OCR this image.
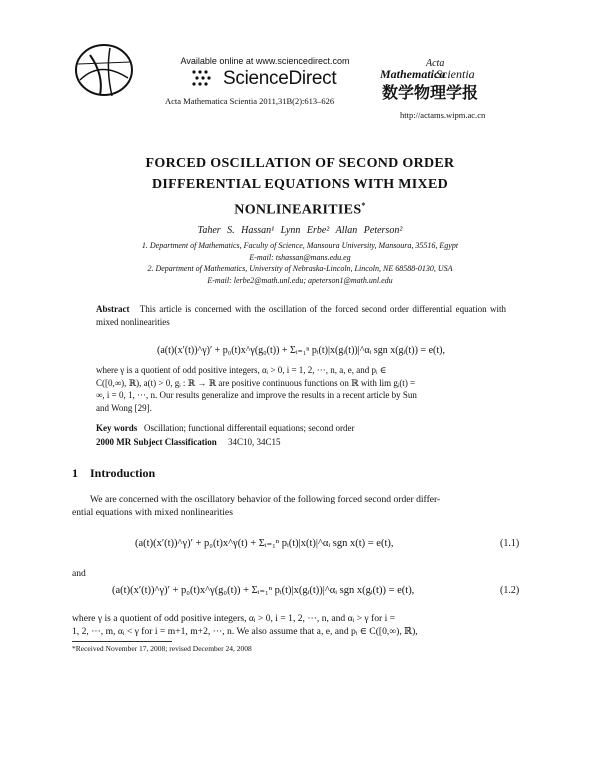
Available online at www.sciencedirect.com
ScienceDirect
Acta Mathematica Scientia 2011,31B(2):613–626
Acta
Mathematica
Scientia
数学物理学报
http://actams.wipm.ac.cn
FORCED OSCILLATION OF SECOND ORDER
DIFFERENTIAL EQUATIONS WITH MIXED
NONLINEARITIES*
Taher S. Hassan¹ Lynn Erbe² Allan Peterson²
1. Department of Mathematics, Faculty of Science, Mansoura University, Mansoura, 35516, Egypt
E-mail: tshassan@mans.edu.eg
2. Department of Mathematics, University of Nebraska-Lincoln, Lincoln, NE 68588-0130, USA
E-mail: lerbe2@math.unl.edu; apeterson1@math.unl.edu
Abstract This article is concerned with the oscillation of the forced second order differential equation with mixed nonlinearities
(a(t)(x′(t))^γ)′ + p₀(t)x^γ(g₀(t)) + Σᵢ₌₁ⁿ pᵢ(t)|x(gᵢ(t))|^αᵢ sgn x(gᵢ(t)) = e(t),
where γ is a quotient of odd positive integers, αᵢ > 0, i = 1, 2, ···, n, a, e, and pᵢ ∈
C([0,∞), ℝ), a(t) > 0, gᵢ : ℝ → ℝ are positive continuous functions on ℝ with lim gᵢ(t) =
∞, i = 0, 1, ···, n. Our results generalize and improve the results in a recent article by Sun
and Wong [29].
Key words Oscillation; functional differentail equations; second order
2000 MR Subject Classification 34C10, 34C15
1 Introduction
We are concerned with the oscillatory behavior of the following forced second order differ-
ential equations with mixed nonlinearities
(a(t)(x′(t))^γ)′ + p₀(t)x^γ(t) + Σᵢ₌₁ⁿ pᵢ(t)|x(t)|^αᵢ sgn x(t) = e(t),	(1.1)
and
(a(t)(x′(t))^γ)′ + p₀(t)x^γ(g₀(t)) + Σᵢ₌₁ⁿ pᵢ(t)|x(gᵢ(t))|^αᵢ sgn x(gᵢ(t)) = e(t),	(1.2)
where γ is a quotient of odd positive integers, αᵢ > 0, i = 1, 2, ···, n, and αᵢ > γ for i =
1, 2, ···, m, αᵢ < γ for i = m+1, m+2, ···, n. We also assume that a, e, and pᵢ ∈ C([0,∞), ℝ),
*Received November 17, 2008; revised December 24, 2008
